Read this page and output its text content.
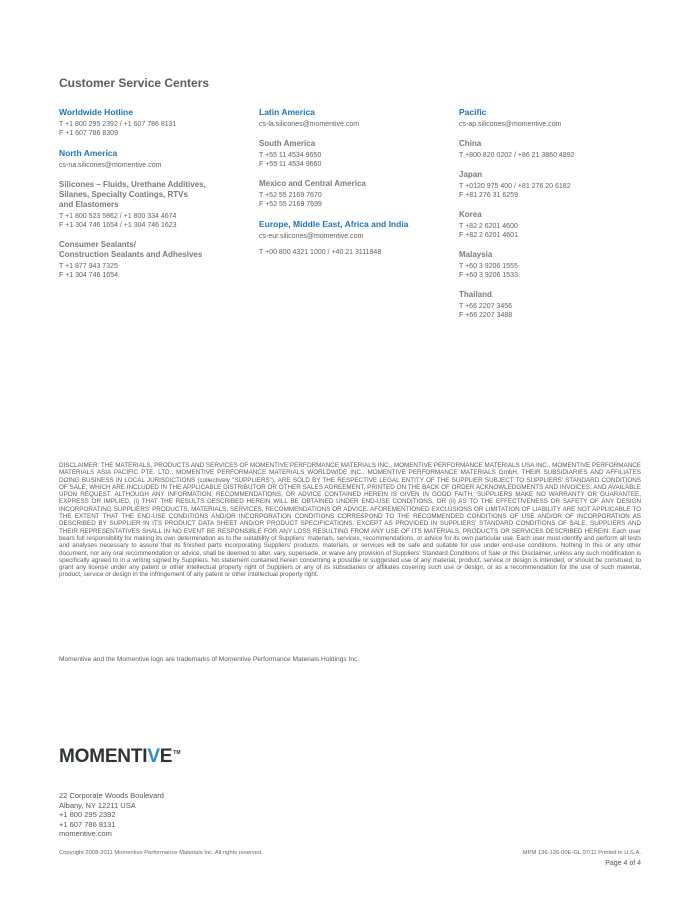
Customer Service Centers
Worldwide Hotline
T +1 800 295 2392 / +1 607 786 8131
F +1 607 786 8309
North America
cs-na.silicones@momentive.com
Silicones – Fluids, Urethane Additives,
Silanes, Specialty Coatings, RTVs
and Elastomers
T +1 800 523 5862 / +1 800 334 4674
F +1 304 746 1654 / +1 304 746 1623
Consumer Sealants/
Construction Sealants and Adhesives
T +1 877 943 7325
F +1 304 746 1654
Latin America
cs-la.silicones@momentive.com
South America
T +55 11 4534 9650
F +55 11 4534 9660
Mexico and Central America
T +52 55 2169 7670
F +52 55 2169 7699
Europe, Middle East, Africa and India
cs-eur.silicones@momentive.com
T +00 800 4321 1000 / +40 21 3111848
Pacific
cs-ap.silicones@momentive.com
China
T +800 820 0202 / +86 21 3860 4892
Japan
T +0120 975 400 / +81 276 20 6182
F +81 276 31 6259
Korea
T +82 2 6201 4600
F +82 2 6201 4601
Malaysia
T +60 3 9206 1555
F +60 3 9206 1533
Thailand
T +66 2207 3456
F +66 2207 3488
DISCLAIMER: THE MATERIALS, PRODUCTS AND SERVICES OF MOMENTIVE PERFORMANCE MATERIALS INC., MOMENTIVE PERFORMANCE MATERIALS USA INC., MOMENTIVE PERFORMANCE MATERIALS ASIA PACIFIC PTE. LTD., MOMENTIVE PERFORMANCE MATERIALS WORLDWIDE INC., MOMENTIVE PERFORMANCE MATERIALS GmbH, THEIR SUBSIDIARIES AND AFFILIATES DOING BUSINESS IN LOCAL JURISDICTIONS (collectively "SUPPLIERS"), ARE SOLD BY THE RESPECTIVE LEGAL ENTITY OF THE SUPPLIER SUBJECT TO SUPPLIERS' STANDARD CONDITIONS OF SALE, WHICH ARE INCLUDED IN THE APPLICABLE DISTRIBUTOR OR OTHER SALES AGREEMENT, PRINTED ON THE BACK OF ORDER ACKNOWLEDGMENTS AND INVOICES, AND AVAILABLE UPON REQUEST. ALTHOUGH ANY INFORMATION, RECOMMENDATIONS, OR ADVICE CONTAINED HEREIN IS GIVEN IN GOOD FAITH, SUPPLIERS MAKE NO WARRANTY OR GUARANTEE, EXPRESS OR IMPLIED, (i) THAT THE RESULTS DESCRIBED HEREIN WILL BE OBTAINED UNDER END-USE CONDITIONS, OR (ii) AS TO THE EFFECTIVENESS OR SAFETY OF ANY DESIGN INCORPORATING SUPPLIERS' PRODUCTS, MATERIALS, SERVICES, RECOMMENDATIONS OR ADVICE. AFOREMENTIONED EXCLUSIONS OR LIMITATION OF LIABILITY ARE NOT APPLICABLE TO THE EXTENT THAT THE END-USE CONDITIONS AND/OR INCORPORATION CONDITIONS CORRESPOND TO THE RECOMMENDED CONDITIONS OF USE AND/OR OF INCORPORATION AS DESCRIBED BY SUPPLIER IN ITS PRODUCT DATA SHEET AND/OR PRODUCT SPECIFICATIONS. EXCEPT AS PROVIDED IN SUPPLIERS' STANDARD CONDITIONS OF SALE, SUPPLIERS AND THEIR REPRESENTATIVES SHALL IN NO EVENT BE RESPONSIBLE FOR ANY LOSS RESULTING FROM ANY USE OF ITS MATERIALS, PRODUCTS OR SERVICES DESCRIBED HEREIN. Each user bears full responsibility for making its own determination as to the suitability of Suppliers' materials, services, recommendations, or advice for its own particular use. Each user must identify and perform all tests and analyses necessary to assure that its finished parts incorporating Suppliers' products, materials, or services will be safe and suitable for use under end-use conditions. Nothing in this or any other document, nor any oral recommendation or advice, shall be deemed to alter, vary, supersede, or waive any provision of Suppliers' Standard Conditions of Sale or this Disclaimer, unless any such modification is specifically agreed to in a writing signed by Suppliers. No statement contained herein concerning a possible or suggested use of any material, product, service or design is intended, or should be construed, to grant any license under any patent or other intellectual property right of Suppliers or any of its subsidiaries or affiliates covering such use or design, or as a recommendation for the use of such material, product, service or design in the infringement of any patent or other intellectual property right.
Momentive and the Momentive logo are trademarks of Momentive Performance Materials Holdings Inc.
MOMENTIVE TM
22 Corporate Woods Boulevard
Albany, NY 12211 USA
+1 800 295 2392
+1 607 786 8131
momentive.com
Copyright 2008-2011 Momentive Performance Materials Inc. All rights reserved.	MPM 136-126-00E-GL 07/11 Printed in U.S.A.
Page 4 of 4
